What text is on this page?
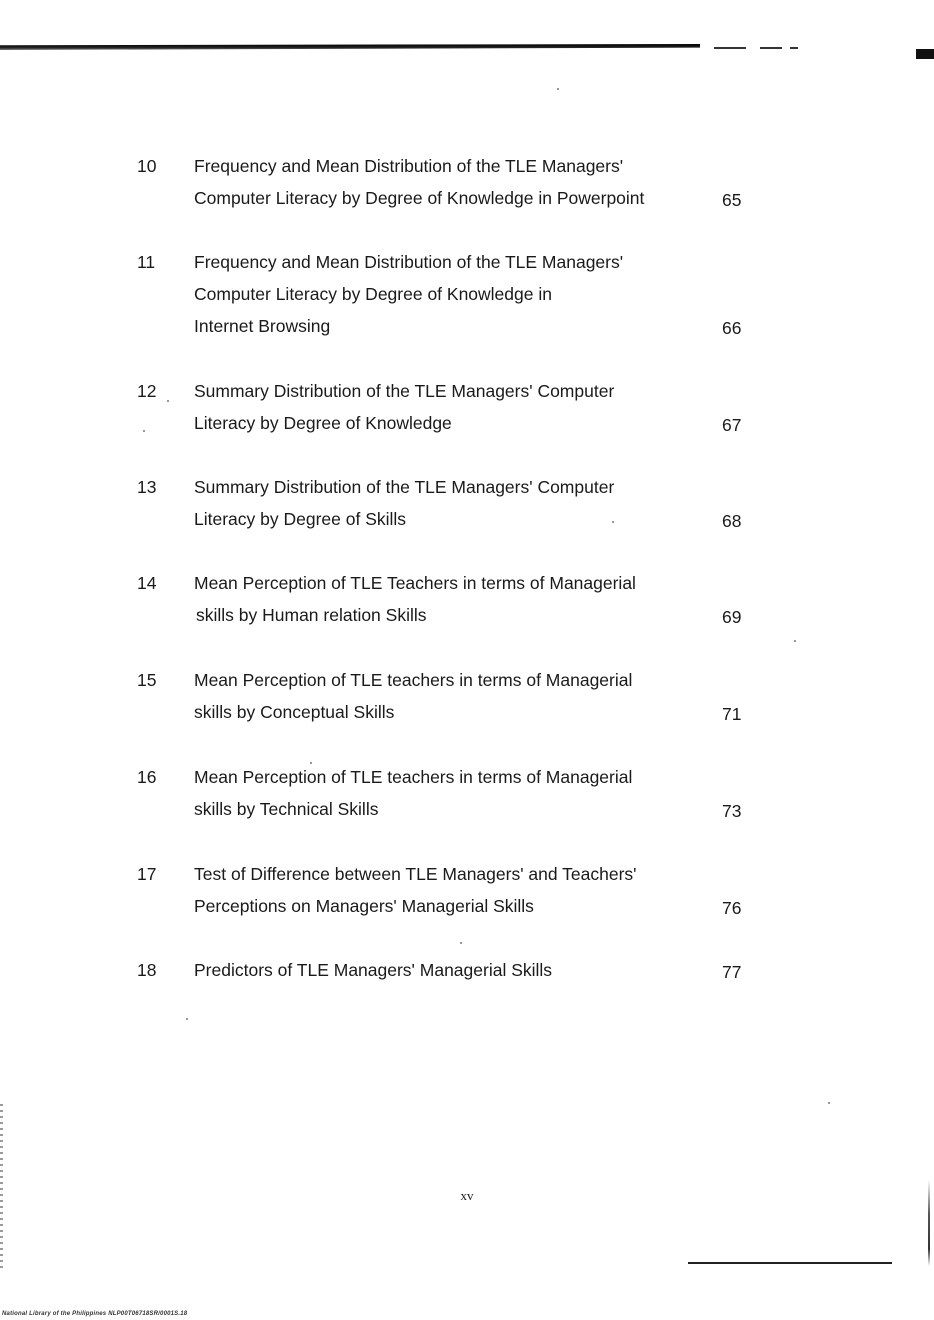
10 Frequency and Mean Distribution of the TLE Managers'
Computer Literacy by Degree of Knowledge in Powerpoint	65
11 Frequency and Mean Distribution of the TLE Managers'
Computer Literacy by Degree of Knowledge in
Internet Browsing	66
12 Summary Distribution of the TLE Managers' Computer
Literacy by Degree of Knowledge	67
13 Summary Distribution of the TLE Managers' Computer
Literacy by Degree of Skills	68
14 Mean Perception of TLE Teachers in terms of Managerial
skills by Human relation Skills	69
15 Mean Perception of TLE teachers in terms of Managerial
skills by Conceptual Skills	71
16 Mean Perception of TLE teachers in terms of Managerial
skills by Technical Skills	73
17 Test of Difference between TLE Managers' and Teachers'
Perceptions on Managers' Managerial Skills	76
18 Predictors of TLE Managers' Managerial Skills	77
xv
National Library of the Philippines NLP00T06718SR/0001S.18
